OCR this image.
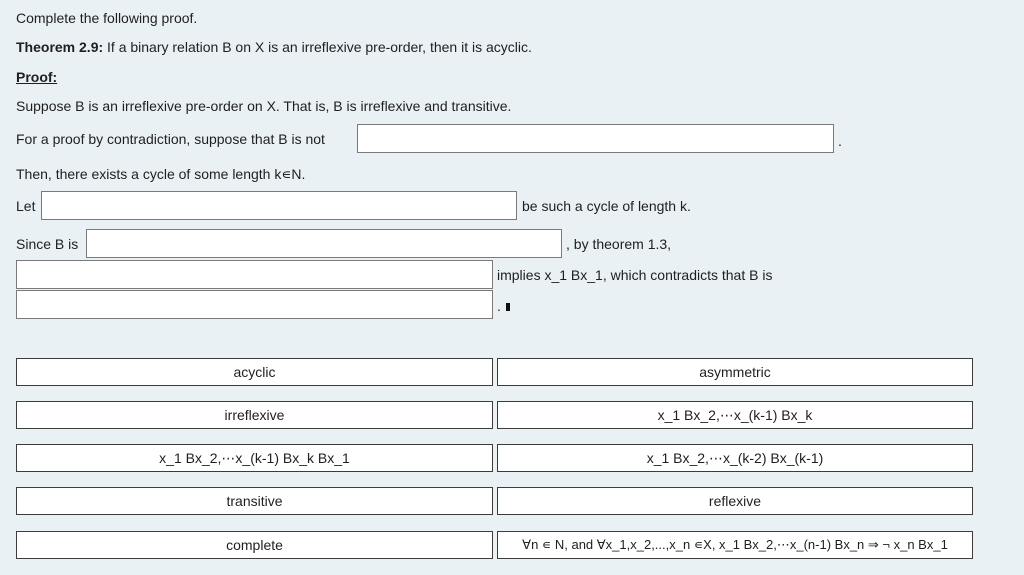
Complete the following proof.
Theorem 2.9: If a binary relation B on X is an irreflexive pre-order, then it is acyclic.
Proof:
Suppose B is an irreflexive pre-order on X. That is, B is irreflexive and transitive.
For a proof by contradiction, suppose that B is not	.
Then, there exists a cycle of some length k∊N.
Let	be such a cycle of length k.
Since B is	, by theorem 1.3,
implies x_1 Bx_1, which contradicts that B is
.
acyclic	asymmetric
irreflexive	x_1 Bx_2,⋯x_(k-1) Bx_k
x_1 Bx_2,⋯x_(k-1) Bx_k Bx_1	x_1 Bx_2,⋯x_(k-2) Bx_(k-1)
transitive	reflexive
complete	∀n ∊ N, and ∀x_1,x_2,...,x_n ∊X, x_1 Bx_2,⋯x_(n-1) Bx_n ⇒ ¬ x_n Bx_1
